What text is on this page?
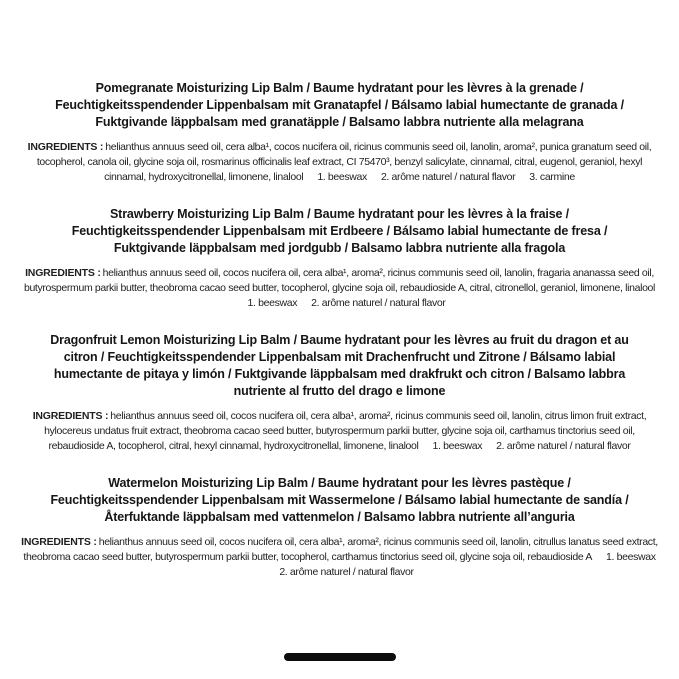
Pomegranate Moisturizing Lip Balm / Baume hydratant pour les lèvres à la grenade / Feuchtigkeitsspendender Lippenbalsam mit Granatapfel / Bálsamo labial humectante de granada / Fuktgivande läppbalsam med granatäpple / Balsamo labbra nutriente alla melagrana

INGREDIENTS : helianthus annuus seed oil, cera alba¹, cocos nucifera oil, ricinus communis seed oil, lanolin, aroma², punica granatum seed oil, tocopherol, canola oil, glycine soja oil, rosmarinus officinalis leaf extract, CI 75470³, benzyl salicylate, cinnamal, citral, eugenol, geraniol, hexyl cinnamal, hydroxycitronellal, limonene, linalool 1. beeswax 2. arôme naturel / natural flavor 3. carmine

Strawberry Moisturizing Lip Balm / Baume hydratant pour les lèvres à la fraise / Feuchtigkeitsspendender Lippenbalsam mit Erdbeere / Bálsamo labial humectante de fresa / Fuktgivande läppbalsam med jordgubb / Balsamo labbra nutriente alla fragola

INGREDIENTS : helianthus annuus seed oil, cocos nucifera oil, cera alba¹, aroma², ricinus communis seed oil, lanolin, fragaria ananassa seed oil, butyrospermum parkii butter, theobroma cacao seed butter, tocopherol, glycine soja oil, rebaudioside A, citral, citronellol, geraniol, limonene, linalool1. beeswax 2. arôme naturel / natural flavor

Dragonfruit Lemon Moisturizing Lip Balm / Baume hydratant pour les lèvres au fruit du dragon et au citron / Feuchtigkeitsspendender Lippenbalsam mit Drachenfrucht und Zitrone / Bálsamo labial humectante de pitaya y limón / Fuktgivande läppbalsam med drakfrukt och citron / Balsamo labbra nutriente al frutto del drago e limone

INGREDIENTS : helianthus annuus seed oil, cocos nucifera oil, cera alba¹, aroma², ricinus communis seed oil, lanolin, citrus limon fruit extract, hylocereus undatus fruit extract, theobroma cacao seed butter, butyrospermum parkii butter, glycine soja oil, carthamus tinctorius seed oil, rebaudioside A, tocopherol, citral, hexyl cinnamal, hydroxycitronellal, limonene, linalool 1. beeswax 2. arôme naturel / natural flavor

Watermelon Moisturizing Lip Balm / Baume hydratant pour les lèvres pastèque / Feuchtigkeitsspendender Lippenbalsam mit Wassermelone / Bálsamo labial humectante de sandía / Återfuktande läppbalsam med vattenmelon / Balsamo labbra nutriente all’anguria

INGREDIENTS : helianthus annuus seed oil, cocos nucifera oil, cera alba¹, aroma², ricinus communis seed oil, lanolin, citrullus lanatus seed extract, theobroma cacao seed butter, butyrospermum parkii butter, tocopherol, carthamus tinctorius seed oil, glycine soja oil, rebaudioside A 1. beeswax2. arôme naturel / natural flavor
